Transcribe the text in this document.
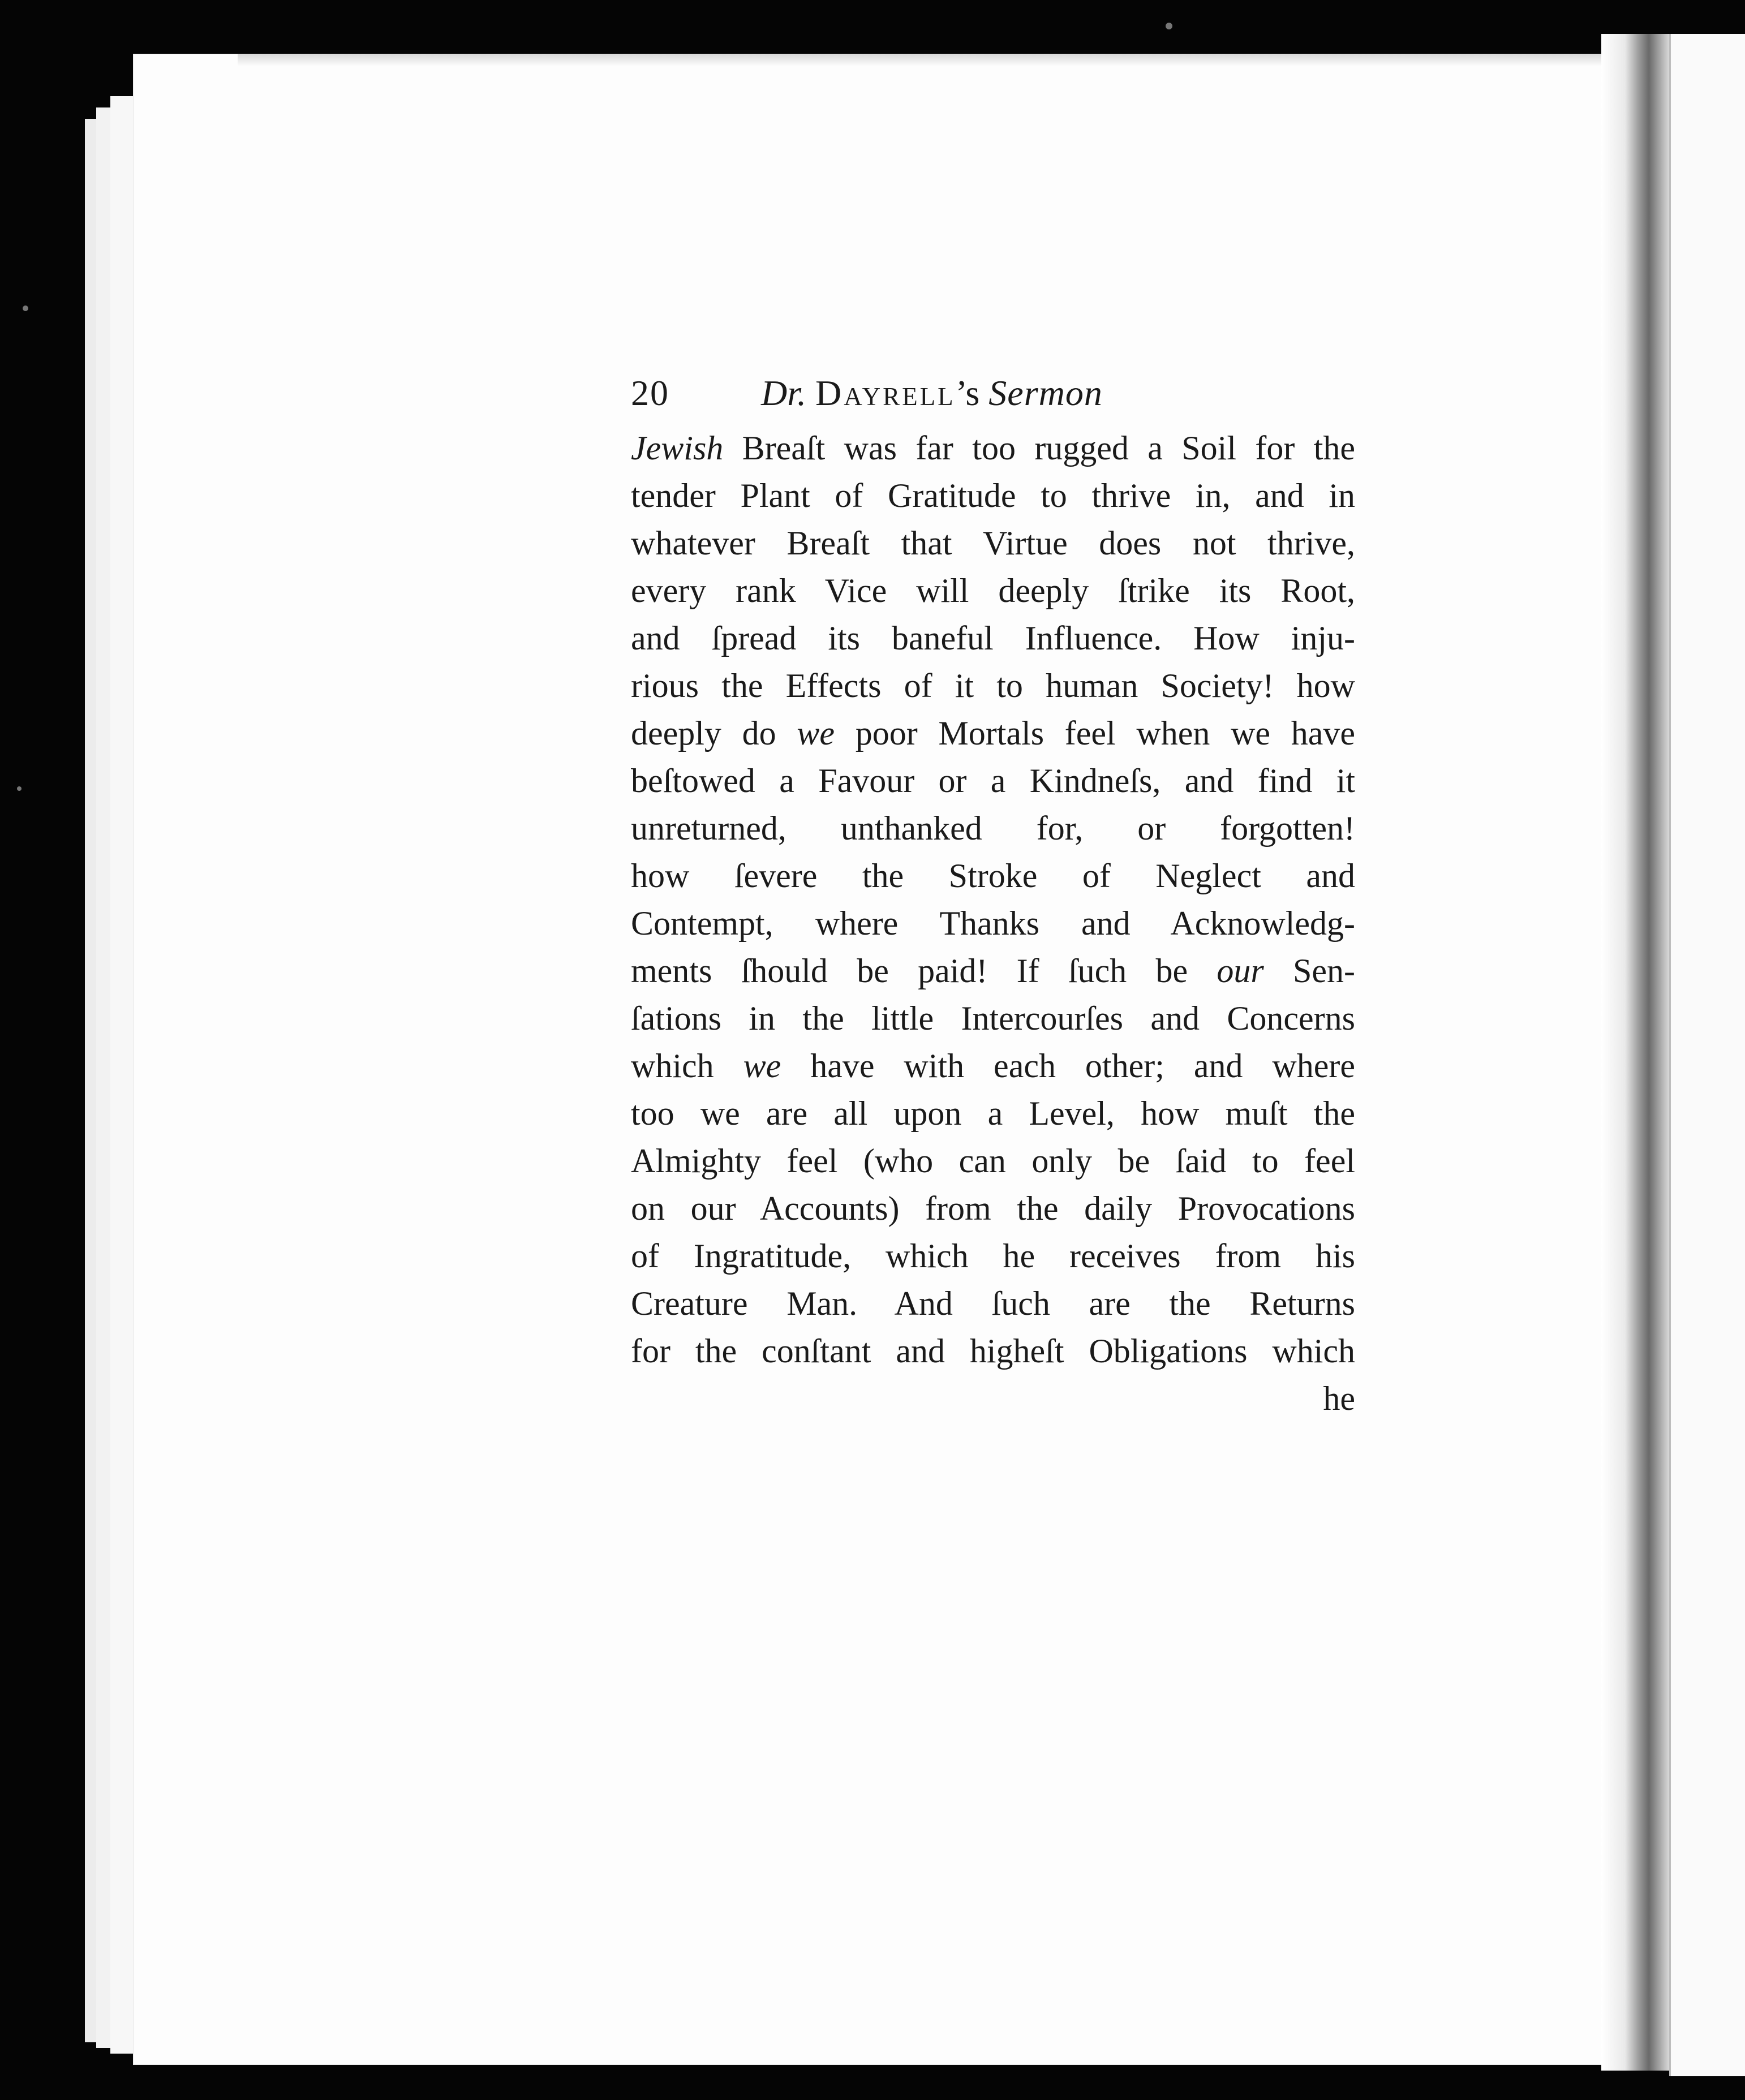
20	Dr. Dayrell’s Sermon
Jewish Breaſt was far too rugged a Soil for the
tender Plant of Gratitude to thrive in, and in
whatever Breaſt that Virtue does not thrive,
every rank Vice will deeply ſtrike its Root,
and ſpread its baneful Influence. How inju-
rious the Effects of it to human Society! how
deeply do we poor Mortals feel when we have
beſtowed a Favour or a Kindneſs, and find it
unreturned, unthanked for, or forgotten!
how ſevere the Stroke of Neglect and
Contempt, where Thanks and Acknowledg-
ments ſhould be paid! If ſuch be our Sen-
ſations in the little Intercourſes and Concerns
which we have with each other; and where
too we are all upon a Level, how muſt the
Almighty feel (who can only be ſaid to feel
on our Accounts) from the daily Provocations
of Ingratitude, which he receives from his
Creature Man. And ſuch are the Returns
for the conſtant and higheſt Obligations which
he
